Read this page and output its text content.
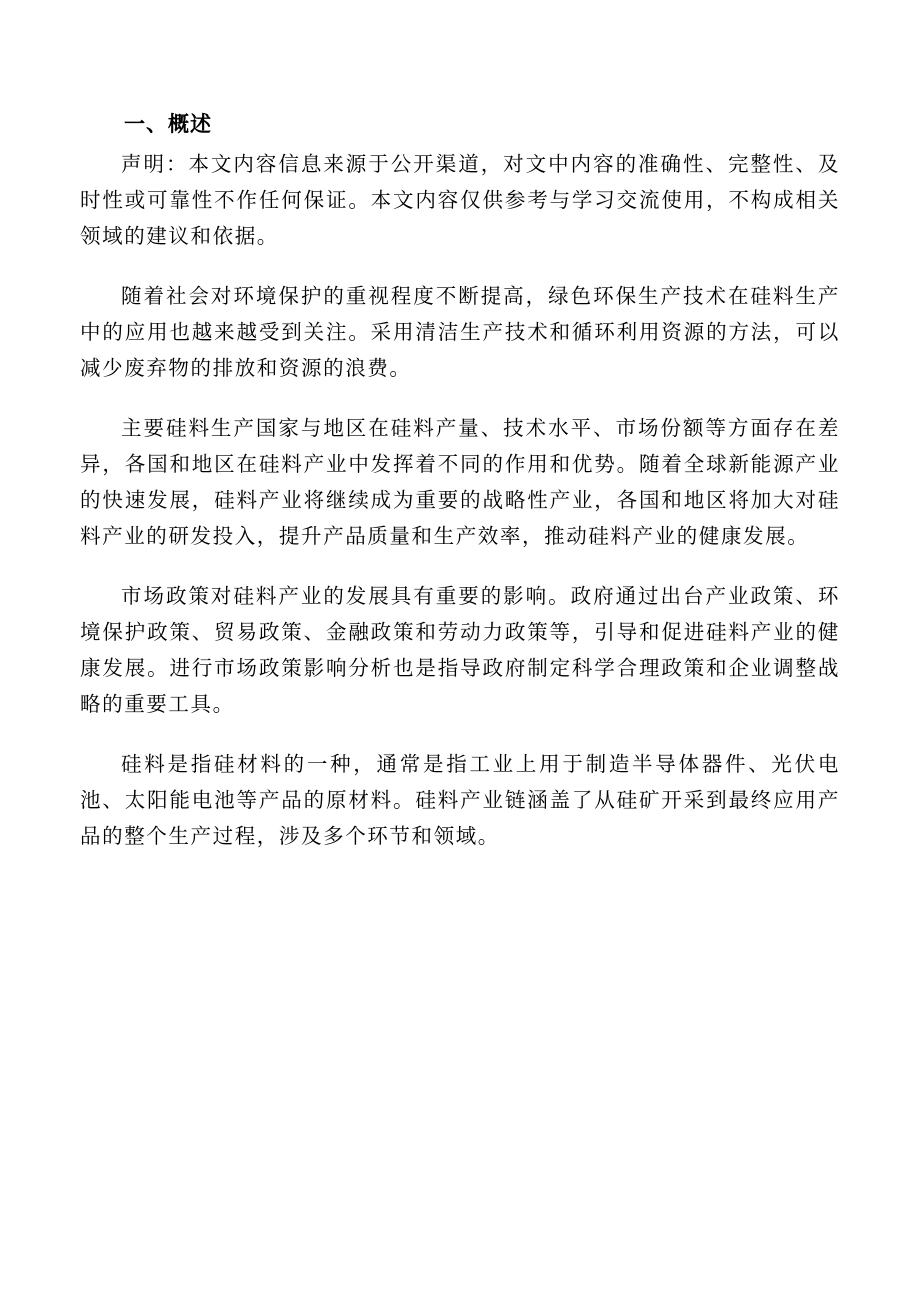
一、概述

声明：本文内容信息来源于公开渠道，对文中内容的准确性、完整性、及时性或可靠性不作任何保证。本文内容仅供参考与学习交流使用，不构成相关领域的建议和依据。

随着社会对环境保护的重视程度不断提高，绿色环保生产技术在硅料生产中的应用也越来越受到关注。采用清洁生产技术和循环利用资源的方法，可以减少废弃物的排放和资源的浪费。

主要硅料生产国家与地区在硅料产量、技术水平、市场份额等方面存在差异，各国和地区在硅料产业中发挥着不同的作用和优势。随着全球新能源产业的快速发展，硅料产业将继续成为重要的战略性产业，各国和地区将加大对硅料产业的研发投入，提升产品质量和生产效率，推动硅料产业的健康发展。

市场政策对硅料产业的发展具有重要的影响。政府通过出台产业政策、环境保护政策、贸易政策、金融政策和劳动力政策等，引导和促进硅料产业的健康发展。进行市场政策影响分析也是指导政府制定科学合理政策和企业调整战略的重要工具。

硅料是指硅材料的一种，通常是指工业上用于制造半导体器件、光伏电池、太阳能电池等产品的原材料。硅料产业链涵盖了从硅矿开采到最终应用产品的整个生产过程，涉及多个环节和领域。
